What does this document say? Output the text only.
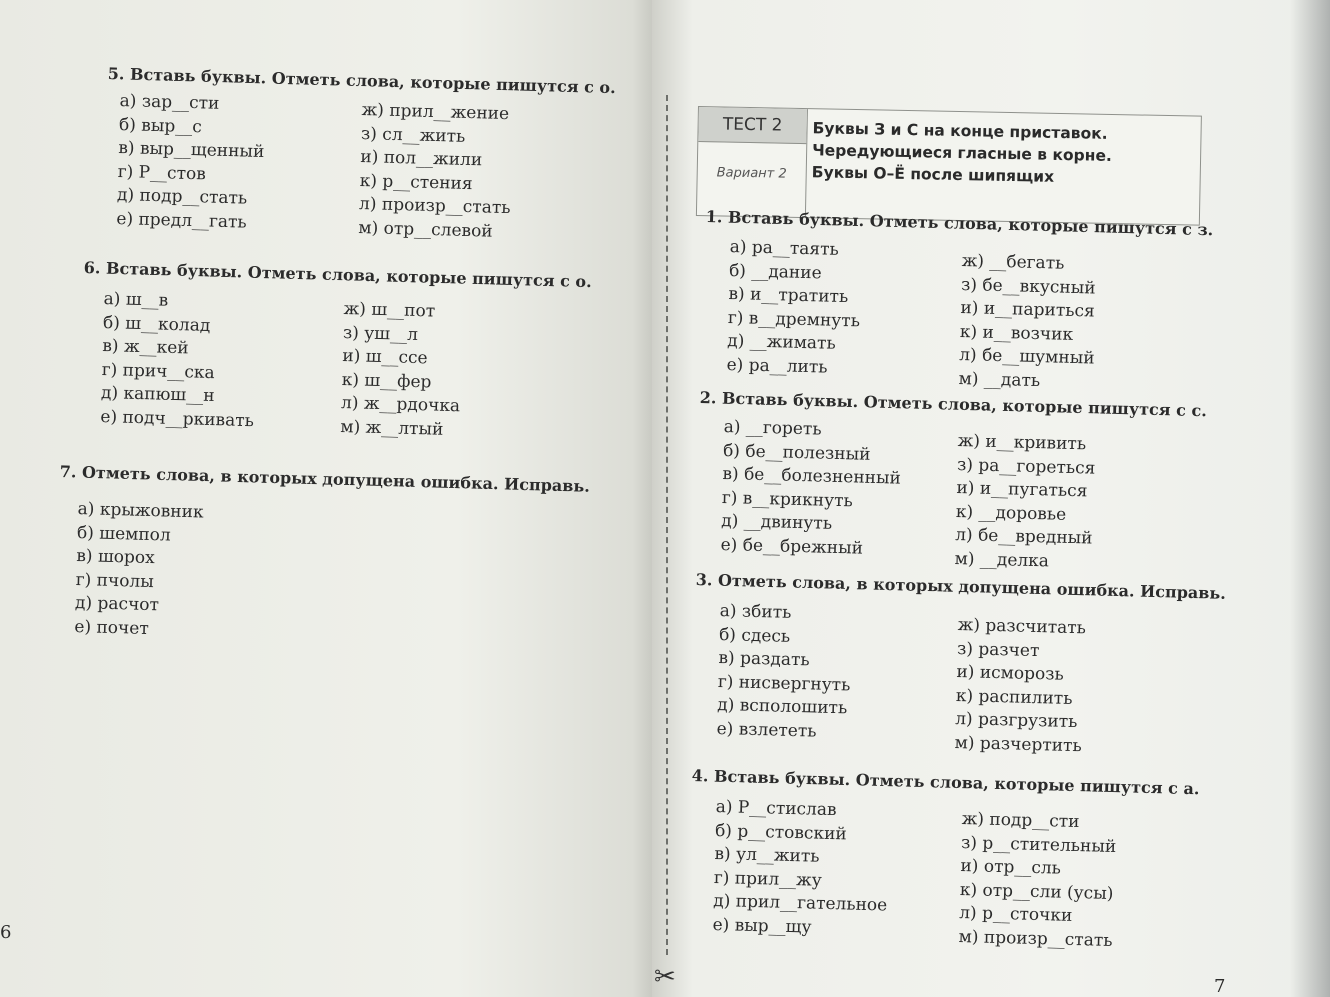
5. Вставь буквы. Отметь слова, которые пишутся с о.
а) зар__сти
б) выр__с
в) выр__щенный
г) Р__стов
д) подр__стать
е) предл__гать
ж) прил__жение
з) сл__жить
и) пол__жили
к) р__стения
л) произр__стать
м) отр__слевой
6. Вставь буквы. Отметь слова, которые пишутся с о.
а) ш__в
б) ш__колад
в) ж__кей
г) прич__ска
д) капюш__н
е) подч__ркивать
ж) ш__пот
з) уш__л
и) ш__ссе
к) ш__фер
л) ж__рдочка
м) ж__лтый
7. Отметь слова, в которых допущена ошибка. Исправь.
а) крыжовник
б) шемпол
в) шорох
г) пчолы
д) расчот
е) почет
6
✂
ТЕСТ 2
Вариант 2
Буквы З и С на конце приставок.
Чередующиеся гласные в корне.
Буквы О–Ё после шипящих
1. Вставь буквы. Отметь слова, которые пишутся с з.
а) ра__таять
б) __дание
в) и__тратить
г) в__дремнуть
д) __жимать
е) ра__лить
ж) __бегать
з) бе__вкусный
и) и__париться
к) и__возчик
л) бе__шумный
м) __дать
2. Вставь буквы. Отметь слова, которые пишутся с с.
а) __гореть
б) бе__полезный
в) бе__болезненный
г) в__крикнуть
д) __двинуть
е) бе__брежный
ж) и__кривить
з) ра__гореться
и) и__пугаться
к) __доровье
л) бе__вредный
м) __делка
3. Отметь слова, в которых допущена ошибка. Исправь.
а) збить
б) сдесь
в) раздать
г) нисвергнуть
д) всполошить
е) взлететь
ж) разсчитать
з) разчет
и) исморозь
к) распилить
л) разгрузить
м) разчертить
4. Вставь буквы. Отметь слова, которые пишутся с а.
а) Р__стислав
б) р__стовский
в) ул__жить
г) прил__жу
д) прил__гательное
е) выр__щу
ж) подр__сти
з) р__стительный
и) отр__сль
к) отр__сли (усы)
л) р__сточки
м) произр__стать
7
